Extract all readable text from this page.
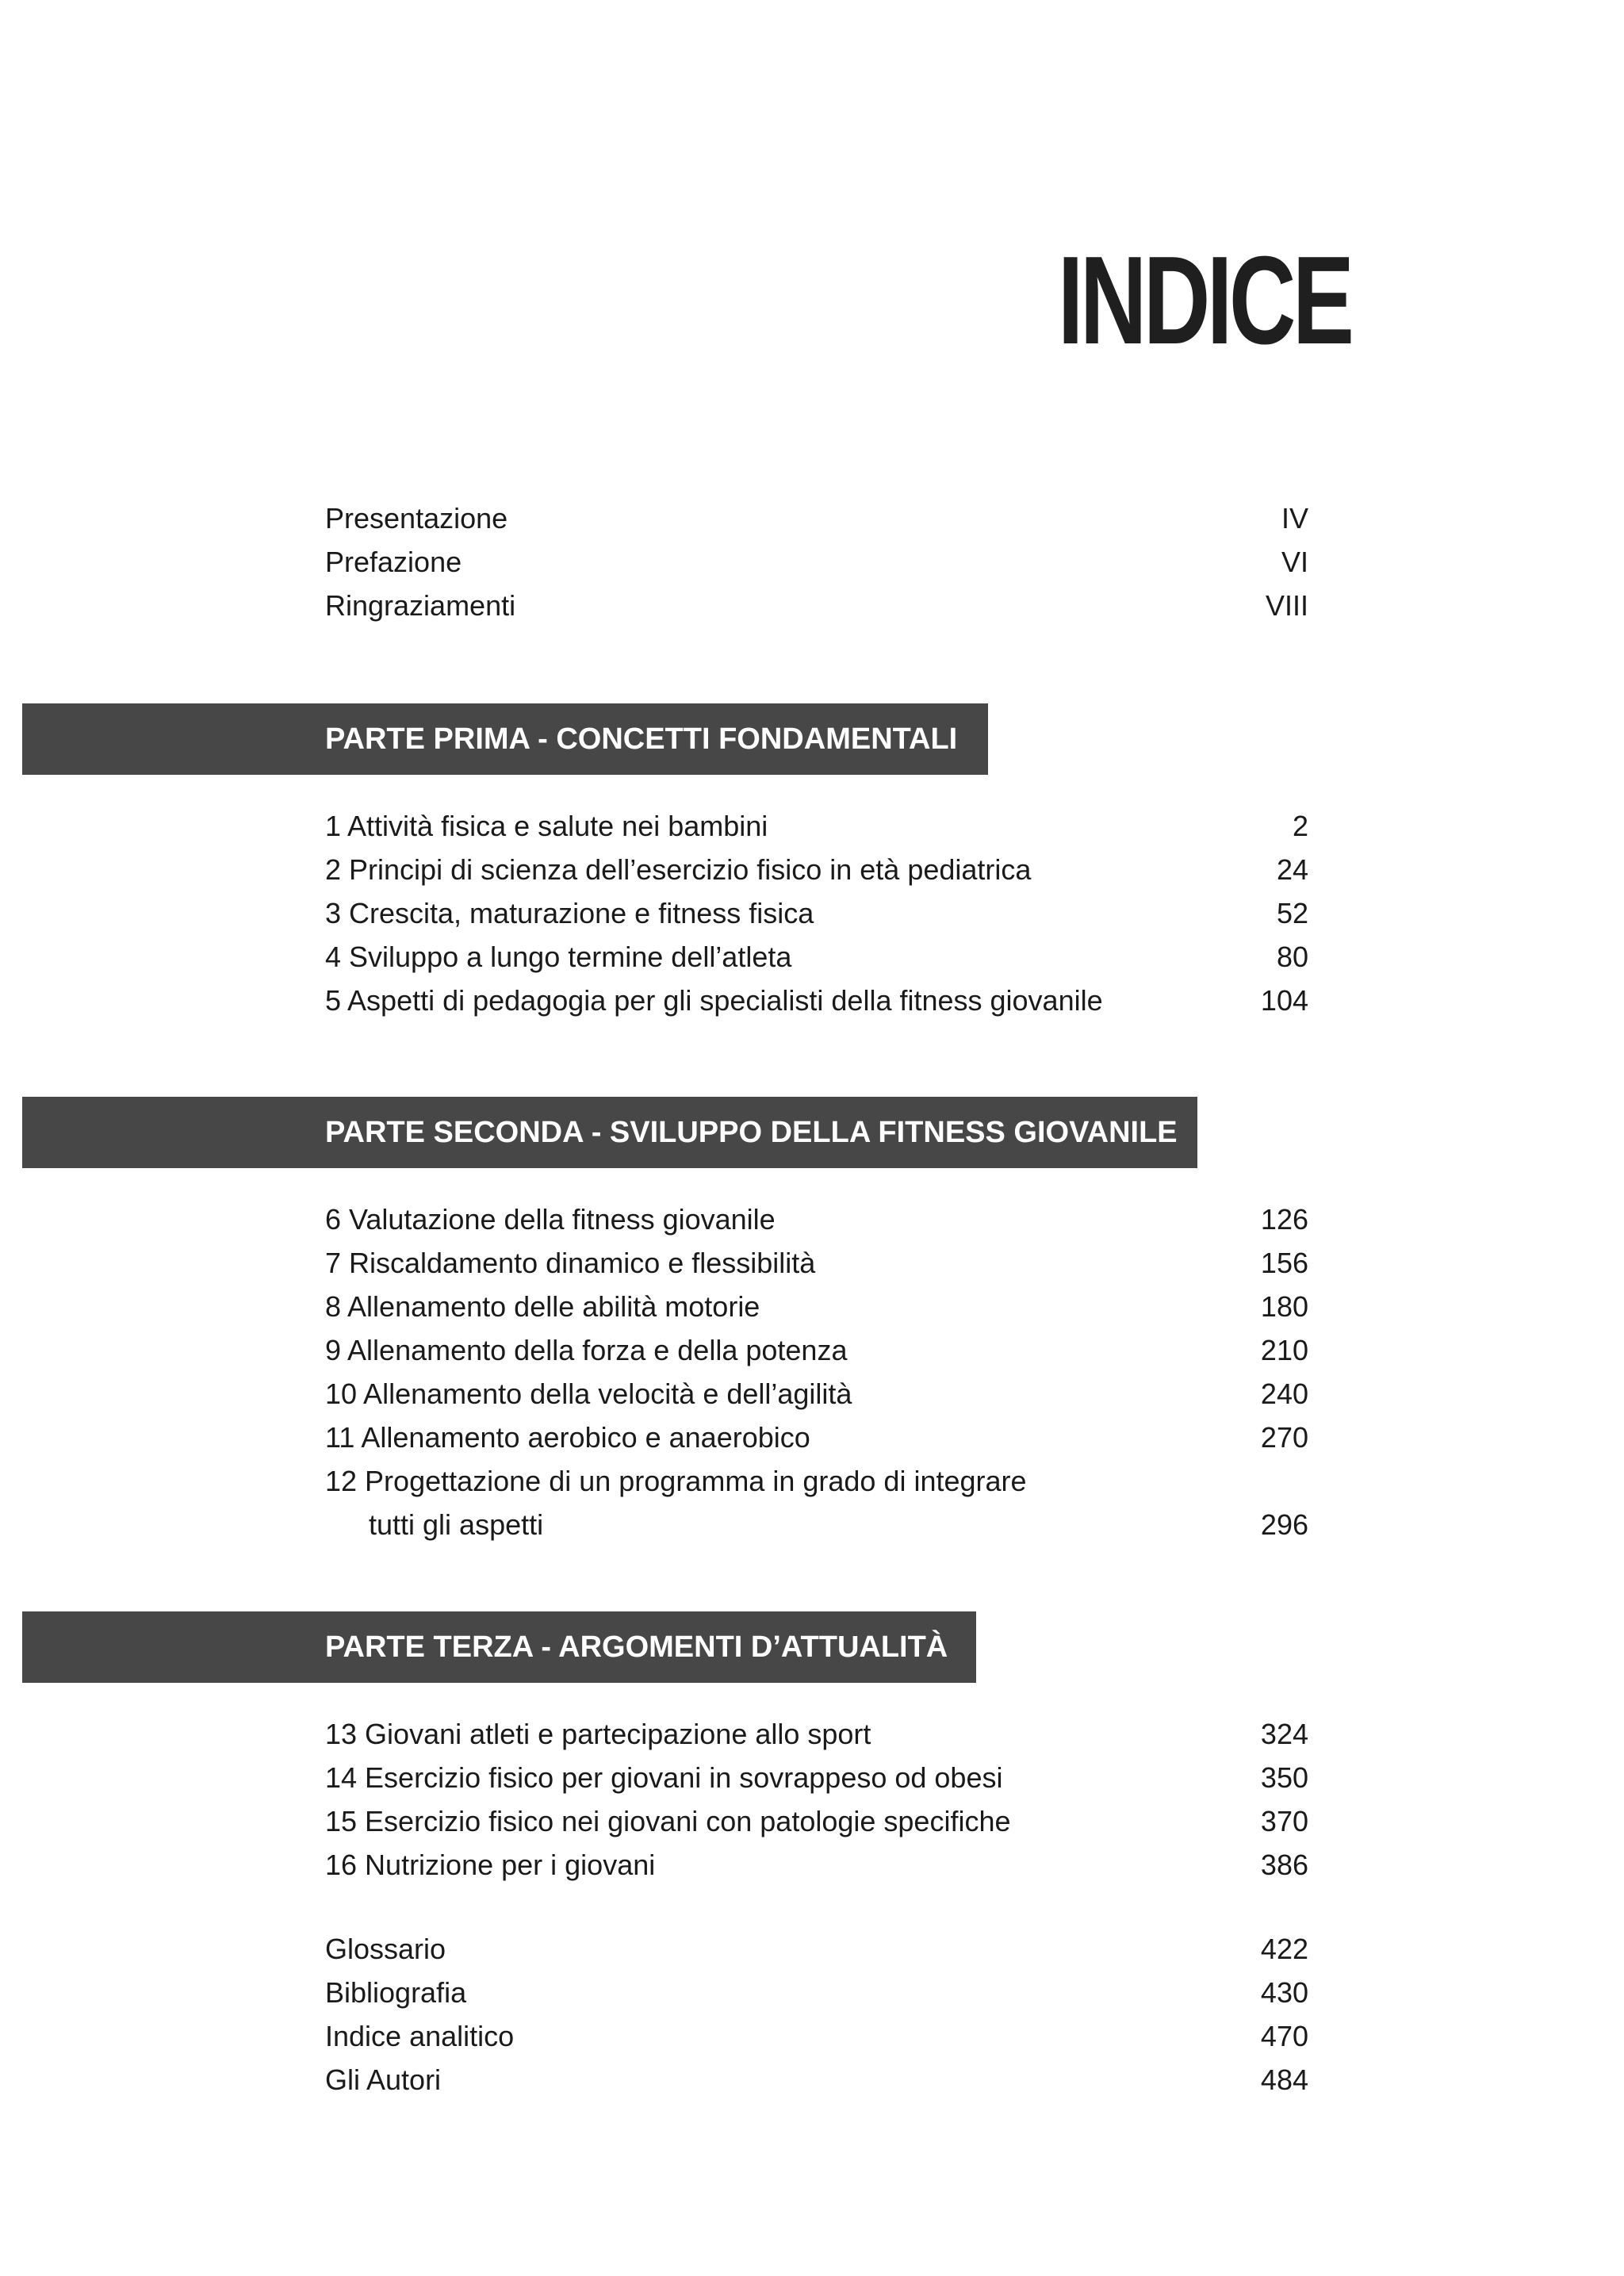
INDICE
Presentazione	IV
Prefazione	VI
Ringraziamenti	VIII
PARTE PRIMA - CONCETTI FONDAMENTALI
1 Attività fisica e salute nei bambini	2
2 Principi di scienza dell’esercizio fisico in età pediatrica	24
3 Crescita, maturazione e fitness fisica	52
4 Sviluppo a lungo termine dell’atleta	80
5 Aspetti di pedagogia per gli specialisti della fitness giovanile	104
PARTE SECONDA - SVILUPPO DELLA FITNESS GIOVANILE
6 Valutazione della fitness giovanile	126
7 Riscaldamento dinamico e flessibilità	156
8 Allenamento delle abilità motorie	180
9 Allenamento della forza e della potenza	210
10 Allenamento della velocità e dell’agilità	240
11 Allenamento aerobico e anaerobico	270
12 Progettazione di un programma in grado di integrare
tutti gli aspetti	296
PARTE TERZA - ARGOMENTI D’ATTUALITÀ
13 Giovani atleti e partecipazione allo sport	324
14 Esercizio fisico per giovani in sovrappeso od obesi	350
15 Esercizio fisico nei giovani con patologie specifiche	370
16 Nutrizione per i giovani	386
Glossario	422
Bibliografia	430
Indice analitico	470
Gli Autori	484
